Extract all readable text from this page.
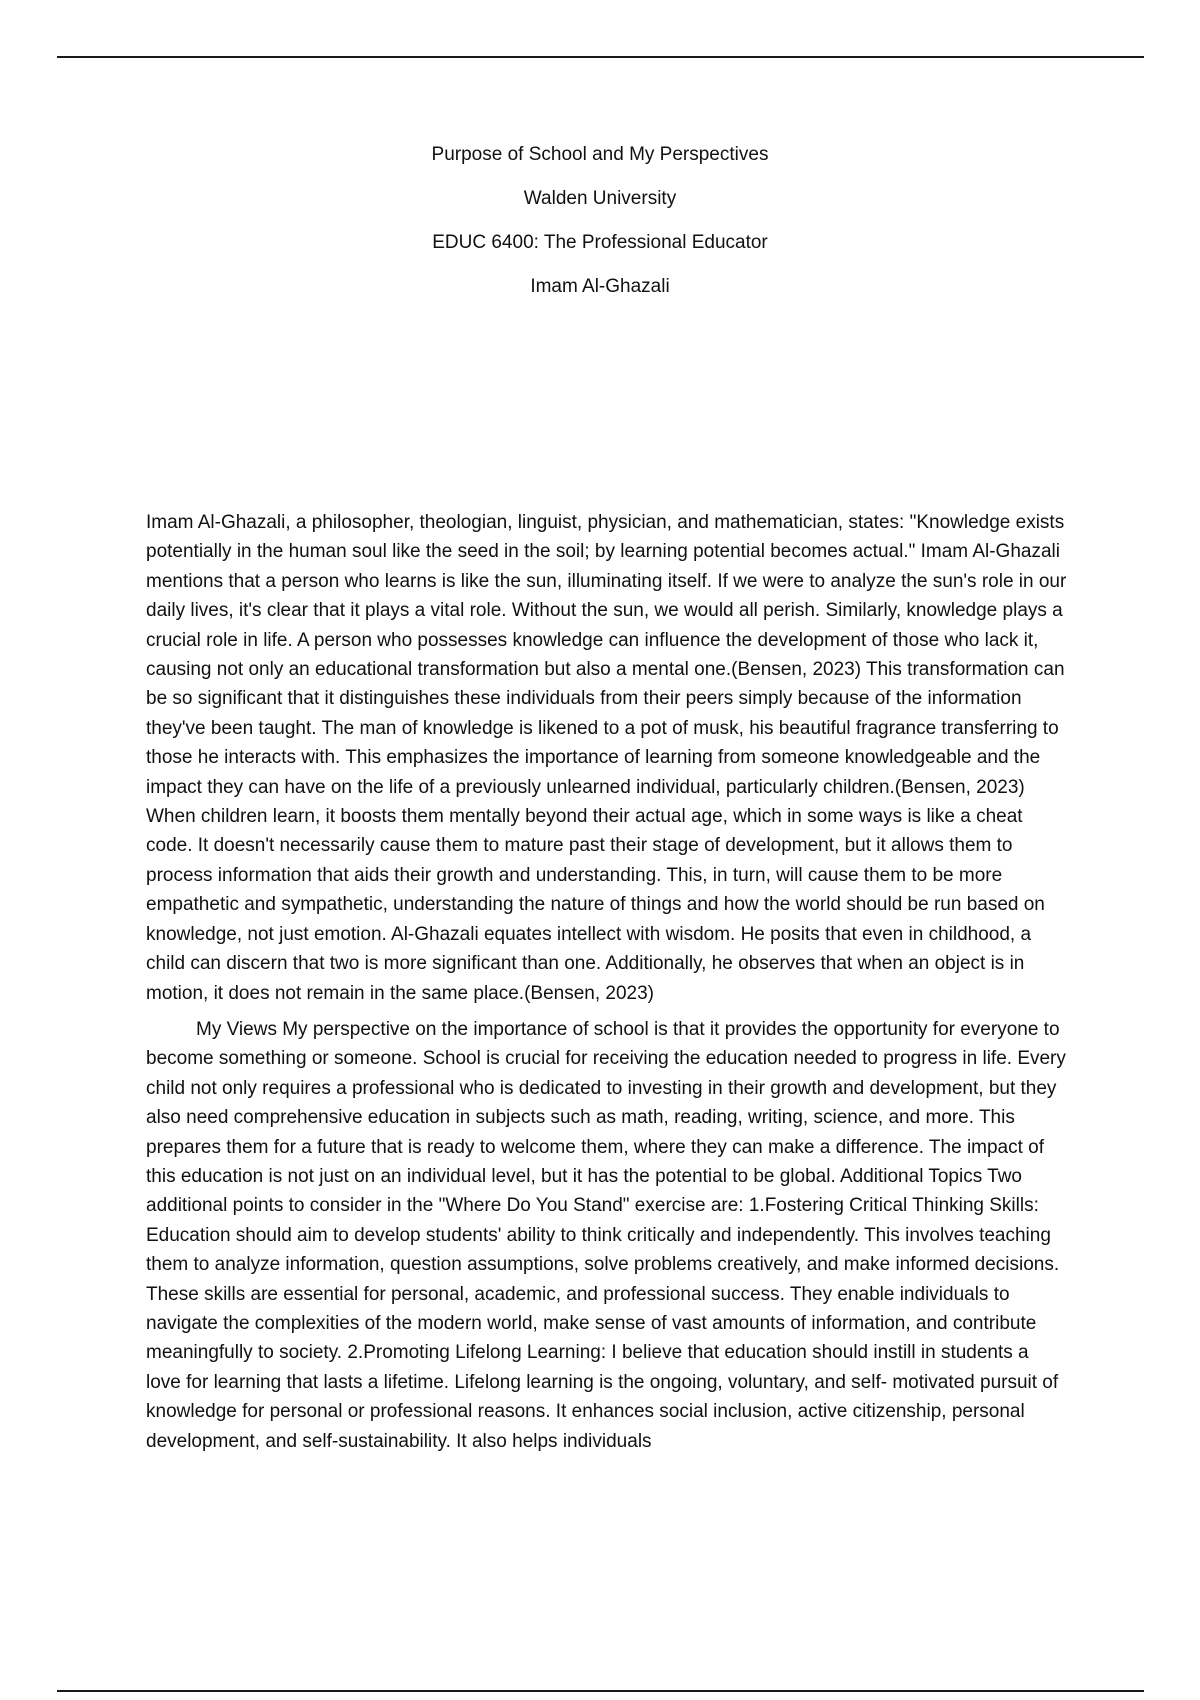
Purpose of School and My Perspectives
Walden University
EDUC 6400: The Professional Educator
Imam Al-Ghazali

Imam Al-Ghazali, a philosopher, theologian, linguist, physician, and mathematician, states: "Knowledge exists potentially in the human soul like the seed in the soil; by learning potential becomes actual." Imam Al-Ghazali mentions that a person who learns is like the sun, illuminating itself. If we were to analyze the sun's role in our daily lives, it's clear that it plays a vital role. Without the sun, we would all perish. Similarly, knowledge plays a crucial role in life. A person who possesses knowledge can influence the development of those who lack it, causing not only an educational transformation but also a mental one.(Bensen, 2023) This transformation can be so significant that it distinguishes these individuals from their peers simply because of the information they've been taught. The man of knowledge is likened to a pot of musk, his beautiful fragrance transferring to those he interacts with. This emphasizes the importance of learning from someone knowledgeable and the impact they can have on the life of a previously unlearned individual, particularly children.(Bensen, 2023) When children learn, it boosts them mentally beyond their actual age, which in some ways is like a cheat code. It doesn't necessarily cause them to mature past their stage of development, but it allows them to process information that aids their growth and understanding. This, in turn, will cause them to be more empathetic and sympathetic, understanding the nature of things and how the world should be run based on knowledge, not just emotion. Al-Ghazali equates intellect with wisdom. He posits that even in childhood, a child can discern that two is more significant than one. Additionally, he observes that when an object is in motion, it does not remain in the same place.(Bensen, 2023)

My Views My perspective on the importance of school is that it provides the opportunity for everyone to become something or someone. School is crucial for receiving the education needed to progress in life. Every child not only requires a professional who is dedicated to investing in their growth and development, but they also need comprehensive education in subjects such as math, reading, writing, science, and more. This prepares them for a future that is ready to welcome them, where they can make a difference. The impact of this education is not just on an individual level, but it has the potential to be global. Additional Topics Two additional points to consider in the "Where Do You Stand" exercise are: 1.Fostering Critical Thinking Skills: Education should aim to develop students' ability to think critically and independently. This involves teaching them to analyze information, question assumptions, solve problems creatively, and make informed decisions. These skills are essential for personal, academic, and professional success. They enable individuals to navigate the complexities of the modern world, make sense of vast amounts of information, and contribute meaningfully to society. 2.Promoting Lifelong Learning: I believe that education should instill in students a love for learning that lasts a lifetime. Lifelong learning is the ongoing, voluntary, and self- motivated pursuit of knowledge for personal or professional reasons. It enhances social inclusion, active citizenship, personal development, and self-sustainability. It also helps individuals
